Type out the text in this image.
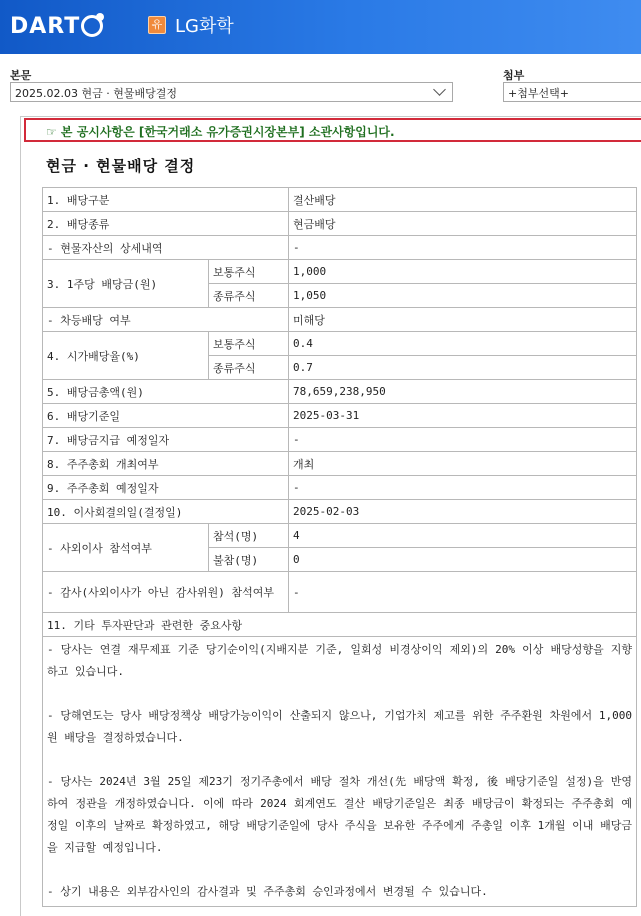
DART	유 LG화학
본문
2025.02.03 현금 · 현물배당결정
첨부
+첨부선택+
☞ 본 공시사항은 [한국거래소 유가증권시장본부] 소관사항입니다.
현금 · 현물배당 결정
1. 배당구분		결산배당
2. 배당종류		현금배당
- 현물자산의 상세내역		-
3. 1주당 배당금(원)	보통주식	1,000
	종류주식	1,050
- 차등배당 여부		미해당
4. 시가배당율(%)	보통주식	0.4
	종류주식	0.7
5. 배당금총액(원)		78,659,238,950
6. 배당기준일		2025-03-31
7. 배당금지급 예정일자		-
8. 주주총회 개최여부		개최
9. 주주총회 예정일자		-
10. 이사회결의일(결정일)		2025-02-03
- 사외이사 참석여부	참석(명)	4
	불참(명)	0
- 감사(사외이사가 아닌 감사위원) 참석여부		-
11. 기타 투자판단과 관련한 중요사항		

- 당사는 연결 재무제표 기준 당기순이익(지배지분 기준, 일회성 비경상이익 제외)의 20% 이상 배당성향을 지향하고 있습니다.

- 당해연도는 당사 배당정책상 배당가능이익이 산출되지 않으나, 기업가치 제고를 위한 주주환원 차원에서 1,000원 배당을 결정하였습니다.

- 당사는 2024년 3월 25일 제23기 정기주총에서 배당 절차 개선(先 배당액 확정, 後 배당기준일 설정)을 반영하여 정관을 개정하였습니다. 이에 따라 2024 회계연도 결산 배당기준일은 최종 배당금이 확정되는 주주총회 예정일 이후의 날짜로 확정하였고, 해당 배당기준일에 당사 주식을 보유한 주주에게 주총일 이후 1개월 이내 배당금을 지급할 예정입니다.

- 상기 내용은 외부감사인의 감사결과 및 주주총회 승인과정에서 변경될 수 있습니다.		
